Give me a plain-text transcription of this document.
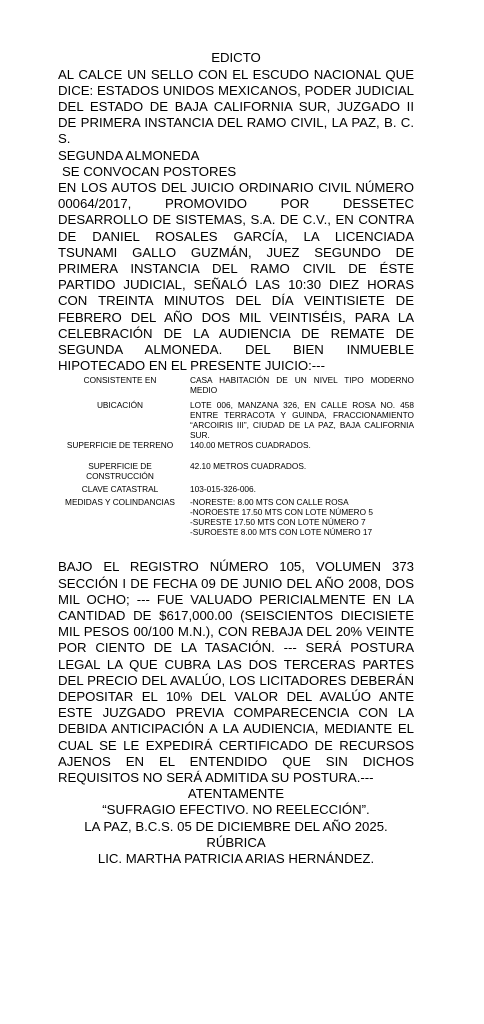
EDICTO
AL CALCE UN SELLO CON EL ESCUDO NACIONAL QUE DICE: ESTADOS UNIDOS MEXICANOS, PODER JUDICIAL DEL ESTADO DE BAJA CALIFORNIA SUR, JUZGADO II DE PRIMERA INSTANCIA DEL RAMO CIVIL, LA PAZ, B. C. S.
SEGUNDA ALMONEDA
SE CONVOCAN POSTORES
EN LOS AUTOS DEL JUICIO ORDINARIO CIVIL NÚMERO 00064/2017, PROMOVIDO POR DESSETEC DESARROLLO DE SISTEMAS, S.A. DE C.V., EN CONTRA DE DANIEL ROSALES GARCÍA, LA LICENCIADA TSUNAMI GALLO GUZMÁN, JUEZ SEGUNDO DE PRIMERA INSTANCIA DEL RAMO CIVIL DE ÉSTE PARTIDO JUDICIAL, SEÑALÓ LAS 10:30 DIEZ HORAS CON TREINTA MINUTOS DEL DÍA VEINTISIETE DE FEBRERO DEL AÑO DOS MIL VEINTISÉIS, PARA LA CELEBRACIÓN DE LA AUDIENCIA DE REMATE DE SEGUNDA ALMONEDA. DEL BIEN INMUEBLE HIPOTECADO EN EL PRESENTE JUICIO:---
CONSISTENTE EN	CASA HABITACIÓN DE UN NIVEL TIPO MODERNO MEDIO

UBICACIÓN	LOTE 006, MANZANA 326, EN CALLE ROSA NO. 458 ENTRE TERRACOTA Y GUINDA, FRACCIONAMIENTO “ARCOIRIS III”, CIUDAD DE LA PAZ, BAJA CALIFORNIA SUR.
SUPERFICIE DE TERRENO	140.00 METROS CUADRADOS.

SUPERFICIE DE CONSTRUCCIÓN	42.10 METROS CUADRADOS.

CLAVE CATASTRAL	103-015-326-006.

MEDIDAS Y COLINDANCIAS	-NORESTE: 8.00 MTS CON CALLE ROSA
-NOROESTE 17.50 MTS CON LOTE NÚMERO 5
-SURESTE 17.50 MTS CON LOTE NÚMERO 7
-SUROESTE 8.00 MTS CON LOTE NÚMERO 17
BAJO EL REGISTRO NÚMERO 105, VOLUMEN 373 SECCIÓN I DE FECHA 09 DE JUNIO DEL AÑO 2008, DOS MIL OCHO; --- FUE VALUADO PERICIALMENTE EN LA CANTIDAD DE $617,000.00 (SEISCIENTOS DIECISIETE MIL PESOS 00/100 M.N.), CON REBAJA DEL 20% VEINTE POR CIENTO DE LA TASACIÓN. --- SERÁ POSTURA LEGAL LA QUE CUBRA LAS DOS TERCERAS PARTES DEL PRECIO DEL AVALÚO, LOS LICITADORES DEBERÁN DEPOSITAR EL 10% DEL VALOR DEL AVALÚO ANTE ESTE JUZGADO PREVIA COMPARECENCIA CON LA DEBIDA ANTICIPACIÓN A LA AUDIENCIA, MEDIANTE EL CUAL SE LE EXPEDIRÁ CERTIFICADO DE RECURSOS AJENOS EN EL ENTENDIDO QUE SIN DICHOS REQUISITOS NO SERÁ ADMITIDA SU POSTURA.---
ATENTAMENTE
“SUFRAGIO EFECTIVO. NO REELECCIÓN”.
LA PAZ, B.C.S. 05 DE DICIEMBRE DEL AÑO 2025.
RÚBRICA
LIC. MARTHA PATRICIA ARIAS HERNÁNDEZ.
